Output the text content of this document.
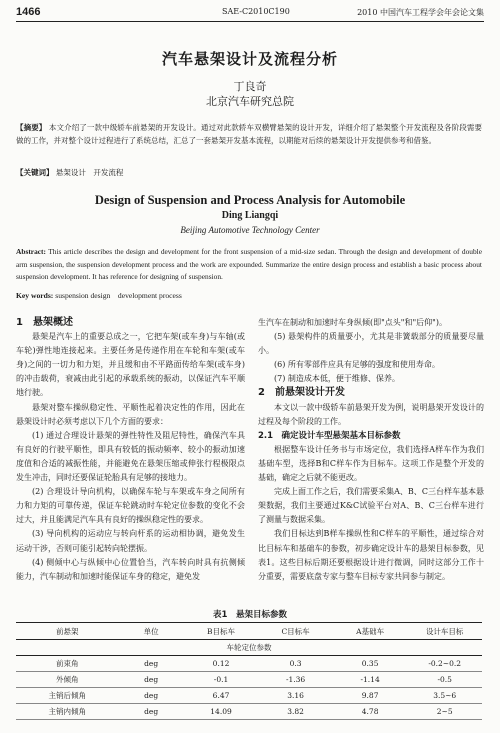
1466	SAE-C2010C190	2010 中国汽车工程学会年会论文集
汽车悬架设计及流程分析
丁良奇
北京汽车研究总院
【摘要】 本文介绍了一款中级轿车前悬架的开发设计。通过对此款轿车双横臂悬架的设计开发，详细介绍了悬架整个开发流程及各阶段需要做的工作，并对整个设计过程进行了系统总结，汇总了一套悬架开发基本流程，以期能对后续的悬架设计开发提供参考和借鉴。
【关键词】 悬架设计　开发流程
Design of Suspension and Process Analysis for Automobile
Ding Liangqi
Beijing Automotive Technology Center
Abstract: This article describes the design and development for the front suspension of a mid-size sedan. Through the design and development of double arm suspension, the suspension development process and the work are expounded. Summarize the entire design process and establish a basic process about suspension development. It has reference for designing of suspension.
Key words: suspension design　development process

1　悬架概述

悬架是汽车上的重要总成之一，它把车架(或车身)与车轴(或车轮)弹性地连接起来。主要任务是传递作用在车轮和车架(或车身)之间的一切力和力矩，并且缓和由不平路面传给车架(或车身)的冲击载荷，衰减由此引起的承载系统的振动，以保证汽车平顺地行驶。

悬架对整车操纵稳定性、平顺性起着决定性的作用，因此在悬架设计时必须考虑以下几个方面的要求：

(1) 通过合理设计悬架的弹性特性及阻尼特性，确保汽车具有良好的行驶平顺性，即具有较低的振动频率、较小的振动加速度值和合适的减振性能，并能避免在悬架压缩或伸张行程极限点发生冲击，同时还要保证轮胎具有足够的接地力。

(2) 合理设计导向机构，以确保车轮与车架或车身之间所有力和力矩的可靠传递，保证车轮跳动时车轮定位参数的变化不会过大，并且能满足汽车具有良好的操纵稳定性的要求。

(3) 导向机构的运动应与转向杆系的运动相协调，避免发生运动干涉，否则可能引起转向轮摆振。

(4) 侧倾中心与纵倾中心位置恰当，汽车转向时具有抗侧倾能力，汽车制动和加速时能保证车身的稳定，避免发

生汽车在制动和加速时车身纵倾(即"点头"和"后仰")。

(5) 悬架构件的质量要小，尤其是非簧载部分的质量要尽量小。

(6) 所有零部件应具有足够的强度和使用寿命。

(7) 制造成本低，便于维修、保养。

2　前悬架设计开发

本文以一款中级轿车前悬架开发为例，说明悬架开发设计的过程及每个阶段的工作。

2.1　确定设计车型悬架基本目标参数

根据整车设计任务书与市场定位，我们选择A样车作为我们基础车型，选择B和C样车作为目标车。这项工作是整个开发的基础，确定之后就不能更改。

完成上面工作之后，我们需要采集A、B、C三台样车基本悬架数据，我们主要通过K&C试验平台对A、B、C三台样车进行了测量与数据采集。

我们目标达到B样车操纵性和C样车的平顺性，通过综合对比目标车和基础车的参数，初步确定设计车的悬架目标参数，见表1。这些目标后期还要根据设计进行微调，同时这部分工作十分重要，需要底盘专家与整车目标专家共同参与制定。

表1　悬架目标参数
前悬架	单位	B目标车	C目标车	A基础车	设计车目标
车轮定位参数					
前束角	deg	0.12	0.3	0.35	-0.2~0.2
外倾角	deg	-0.1	-1.36	-1.14	-0.5
主销后倾角	deg	6.47	3.16	9.87	3.5~6
主销内倾角	deg	14.09	3.82	4.78	2~5
